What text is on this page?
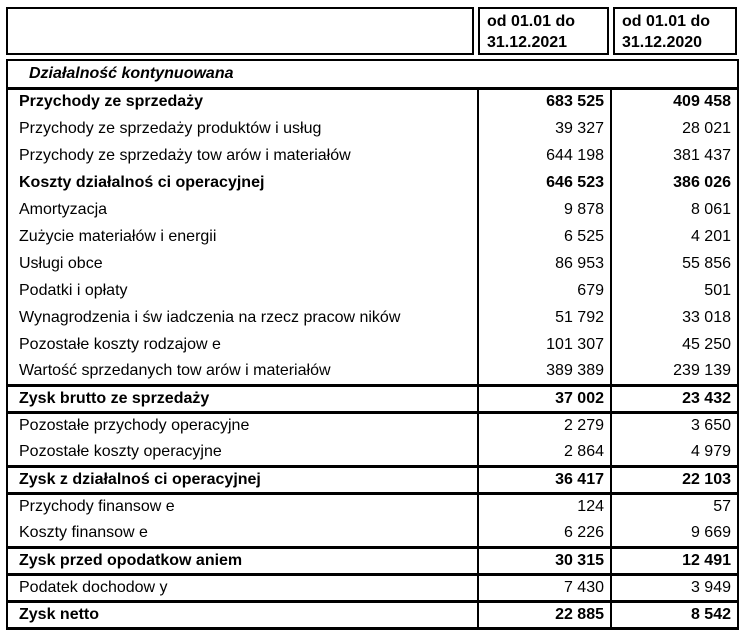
od 01.01 do
31.12.2021
od 01.01 do
31.12.2020
Działalność kontynuowana		
Przychody ze sprzedaży	683 525	409 458
Przychody ze sprzedaży produktów i usług	39 327	28 021
Przychody ze sprzedaży tow arów i materiałów	644 198	381 437
Koszty działalnoś ci operacyjnej	646 523	386 026
Amortyzacja	9 878	8 061
Zużycie materiałów i energii	6 525	4 201
Usługi obce	86 953	55 856
Podatki i opłaty	679	501
Wynagrodzenia i św iadczenia na rzecz pracow ników	51 792	33 018
Pozostałe koszty rodzajow e	101 307	45 250
Wartość sprzedanych tow arów i materiałów	389 389	239 139
Zysk brutto ze sprzedaży	37 002	23 432
Pozostałe przychody operacyjne	2 279	3 650
Pozostałe koszty operacyjne	2 864	4 979
Zysk z działalnoś ci operacyjnej	36 417	22 103
Przychody finansow e	124	57
Koszty finansow e	6 226	9 669
Zysk przed opodatkow aniem	30 315	12 491
Podatek dochodow y	7 430	3 949
Zysk netto	22 885	8 542
